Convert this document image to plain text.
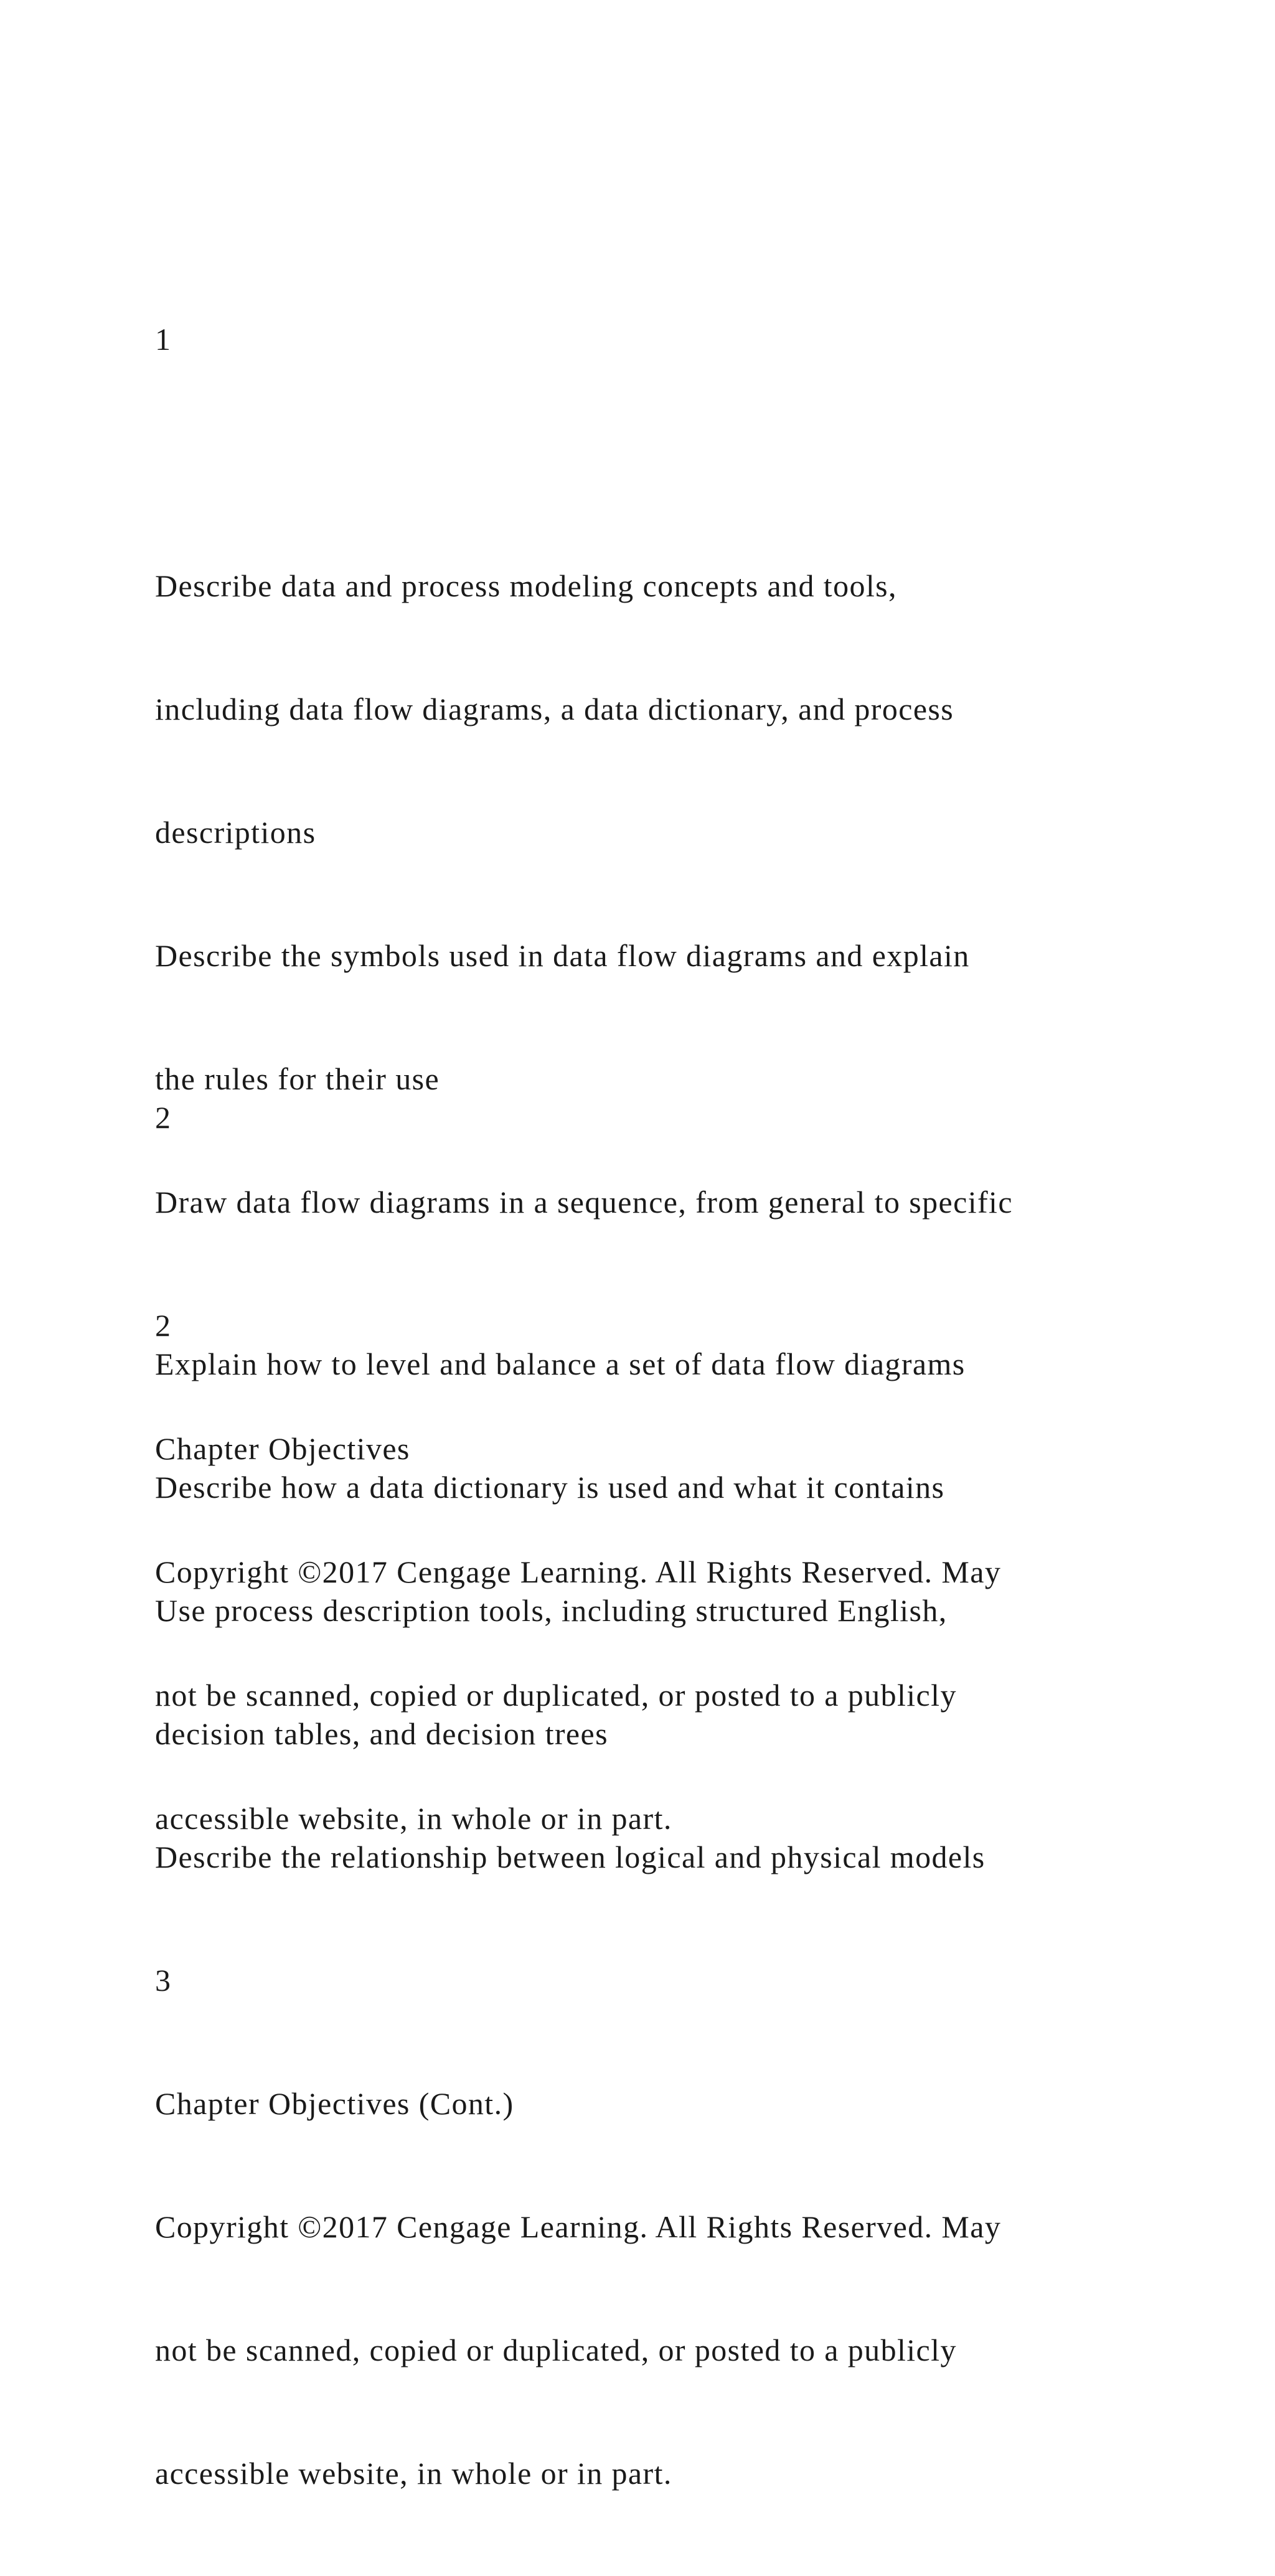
1

Describe data and process modeling concepts and tools,

including data flow diagrams, a data dictionary, and process

descriptions

Describe the symbols used in data flow diagrams and explain

the rules for their use

Draw data flow diagrams in a sequence, from general to specific

2

Chapter Objectives

Copyright ©2017 Cengage Learning. All Rights Reserved. May

not be scanned, copied or duplicated, or posted to a publicly

accessible website, in whole or in part.

2

Explain how to level and balance a set of data flow diagrams

Describe how a data dictionary is used and what it contains

Use process description tools, including structured English,

decision tables, and decision trees

Describe the relationship between logical and physical models

3

Chapter Objectives (Cont.)

Copyright ©2017 Cengage Learning. All Rights Reserved. May

not be scanned, copied or duplicated, or posted to a publicly

accessible website, in whole or in part.
